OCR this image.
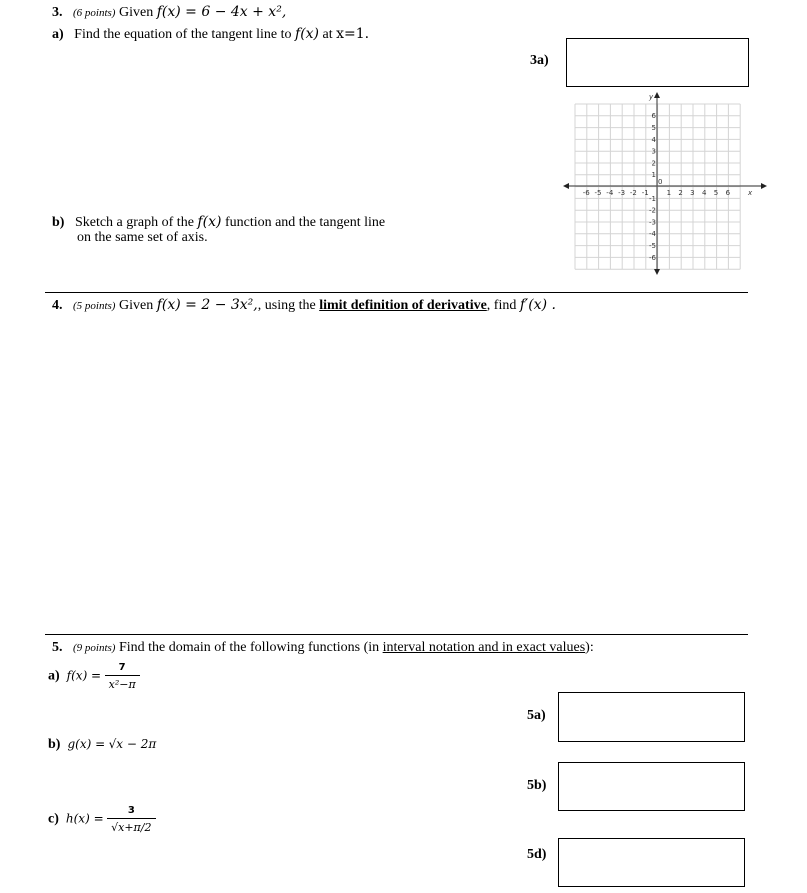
3. (6 points) Given f(x) = 6 − 4x + x²,
a) Find the equation of the tangent line to f(x) at x=1.
3a)
-6 -5 -4 -3 -2 -1	1 2 3 4 5 6
6
5
4
3
2
1
-1
-2
-3
-4
-5
-6
0
x
y
b) Sketch a graph of the f(x) function and the tangent line
on the same set of axis.
4. (5 points) Given f(x) = 2 − 3x²,, using the limit definition of derivative, find f′(x) .
5. (9 points) Find the domain of the following functions (in interval notation and in exact values):
a) $f(x) = \frac{7}{\text{x²−π}}$
5a)
b) g(x) = √x − 2π
5b)
c) $h(x) = \frac{3}{√x+\pi/2}$
5d)
